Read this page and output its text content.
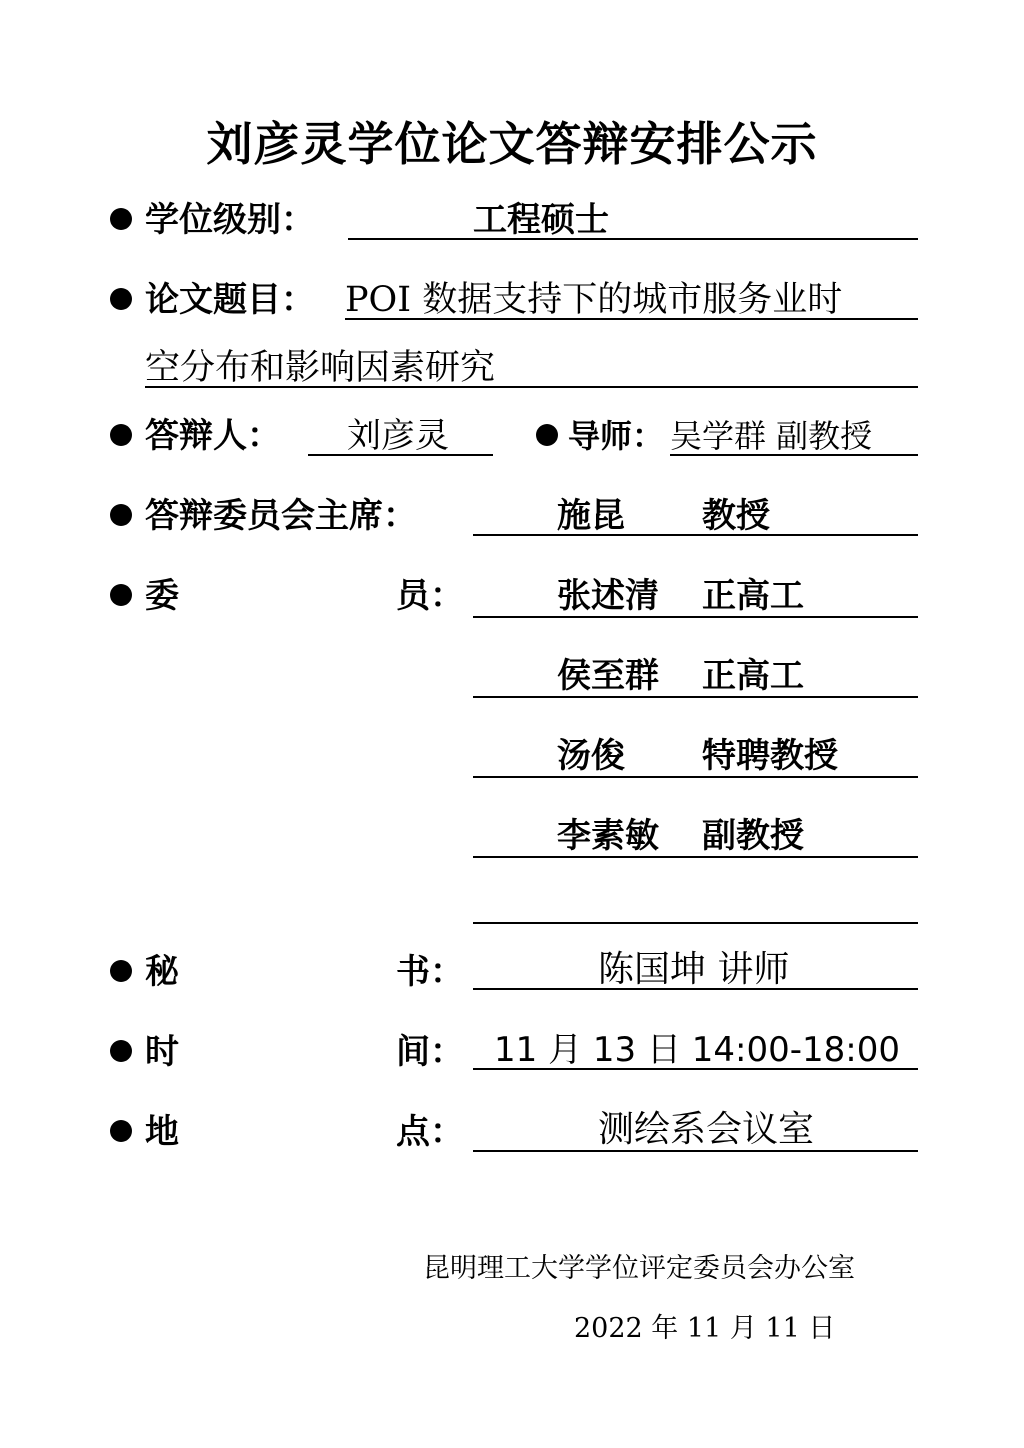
刘彦灵学位论文答辩安排公示
学位级别：	工程硕士
论文题目： POI 数据支持下的城市服务业时
空分布和影响因素研究
答辩人： 刘彦灵	导师： 吴学群 副教授
答辩委员会主席：	施昆 教授
委	员：	张述清 正高工
侯至群 正高工
汤俊 特聘教授
李素敏 副教授
秘	书：	陈国坤 讲师
时	间： 11 月 13 日 14:00-18:00
地	点：	测绘系会议室
昆明理工大学学位评定委员会办公室
2022 年 11 月 11 日
